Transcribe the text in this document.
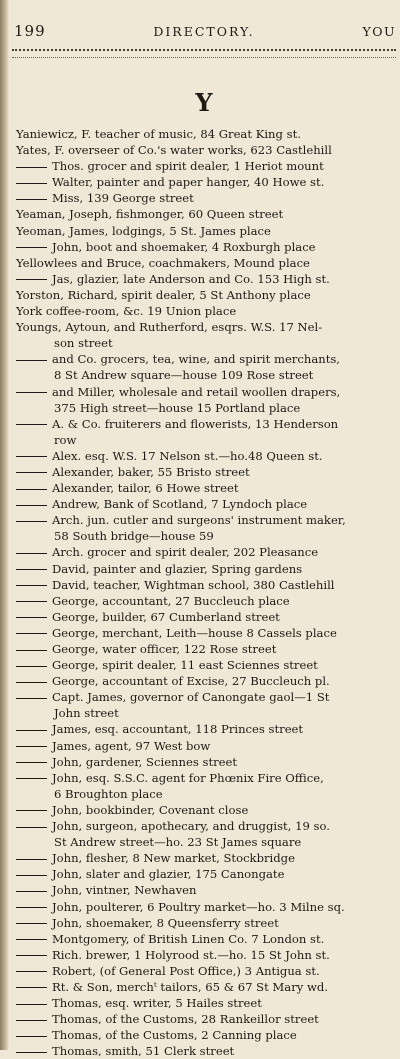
199	DIRECTORY.	YOU
Y
Yaniewicz, F. teacher of music, 84 Great King st.
Yates, F. overseer of Co.'s water works, 623 Castlehill
Thos. grocer and spirit dealer, 1 Heriot mount
Walter, painter and paper hanger, 40 Howe st.
Miss, 139 George street
Yeaman, Joseph, fishmonger, 60 Queen street
Yeoman, James, lodgings, 5 St. James place
John, boot and shoemaker, 4 Roxburgh place
Yellowlees and Bruce, coachmakers, Mound place
Jas, glazier, late Anderson and Co. 153 High st.
Yorston, Richard, spirit dealer, 5 St Anthony place
York coffee-room, &c. 19 Union place
Youngs, Aytoun, and Rutherford, esqrs. W.S. 17 Nel-
son street
and Co. grocers, tea, wine, and spirit merchants,
8 St Andrew square—house 109 Rose street
and Miller, wholesale and retail woollen drapers,
375 High street—house 15 Portland place
A. & Co. fruiterers and flowerists, 13 Henderson
row
Alex. esq. W.S. 17 Nelson st.—ho.48 Queen st.
Alexander, baker, 55 Bristo street
Alexander, tailor, 6 Howe street
Andrew, Bank of Scotland, 7 Lyndoch place
Arch. jun. cutler and surgeons' instrument maker,
58 South bridge—house 59
Arch. grocer and spirit dealer, 202 Pleasance
David, painter and glazier, Spring gardens
David, teacher, Wightman school, 380 Castlehill
George, accountant, 27 Buccleuch place
George, builder, 67 Cumberland street
George, merchant, Leith—house 8 Cassels place
George, water officer, 122 Rose street
George, spirit dealer, 11 east Sciennes street
George, accountant of Excise, 27 Buccleuch pl.
Capt. James, governor of Canongate gaol—1 St
John street
James, esq. accountant, 118 Princes street
James, agent, 97 West bow
John, gardener, Sciennes street
John, esq. S.S.C. agent for Phœnix Fire Office,
6 Broughton place
John, bookbinder, Covenant close
John, surgeon, apothecary, and druggist, 19 so.
St Andrew street—ho. 23 St James square
John, flesher, 8 New market, Stockbridge
John, slater and glazier, 175 Canongate
John, vintner, Newhaven
John, poulterer, 6 Poultry market—ho. 3 Milne sq.
John, shoemaker, 8 Queensferry street
Montgomery, of British Linen Co. 7 London st.
Rich. brewer, 1 Holyrood st.—ho. 15 St John st.
Robert, (of General Post Office,) 3 Antigua st.
Rt. & Son, merchᵗ tailors, 65 & 67 St Mary wd.
Thomas, esq. writer, 5 Hailes street
Thomas, of the Customs, 28 Rankeillor street
Thomas, of the Customs, 2 Canning place
Thomas, smith, 51 Clerk street
